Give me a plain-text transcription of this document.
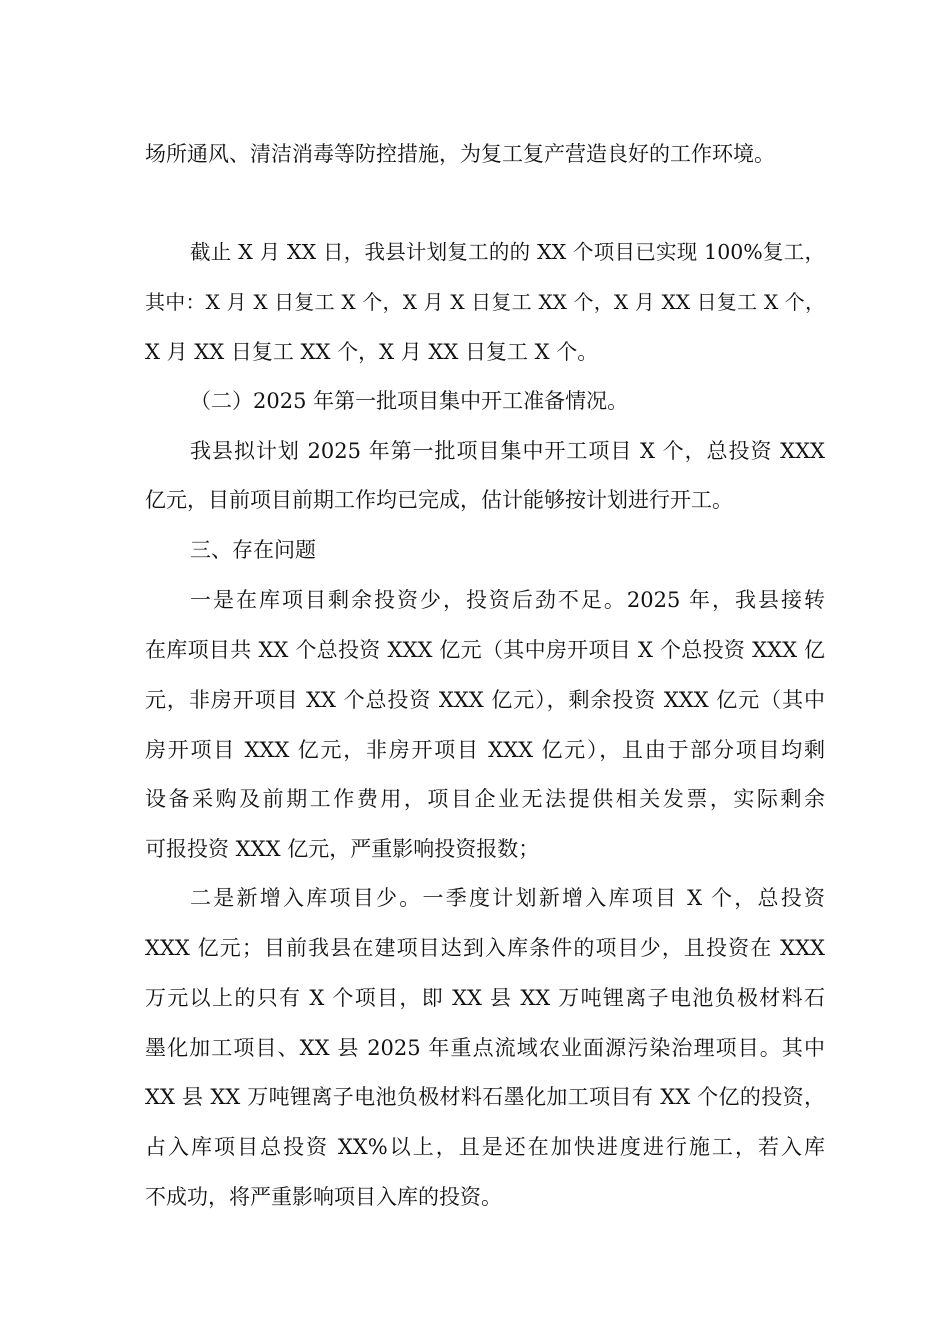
场所通风、清洁消毒等防控措施，为复工复产营造良好的工作环境。
截止 X 月 XX 日，我县计划复工的的 XX 个项目已实现 100%复工，
其中：X 月 X 日复工 X 个，X 月 X 日复工 XX 个，X 月 XX 日复工 X 个，
X 月 XX 日复工 XX 个，X 月 XX 日复工 X 个。
（二）2025 年第一批项目集中开工准备情况。
我县拟计划 2025 年第一批项目集中开工项目 X 个，总投资 XXX
亿元，目前项目前期工作均已完成，估计能够按计划进行开工。
三、存在问题
一是在库项目剩余投资少，投资后劲不足。2025 年，我县接转
在库项目共 XX 个总投资 XXX 亿元（其中房开项目 X 个总投资 XXX 亿
元，非房开项目 XX 个总投资 XXX 亿元），剩余投资 XXX 亿元（其中
房开项目 XXX 亿元，非房开项目 XXX 亿元），且由于部分项目均剩
设备采购及前期工作费用，项目企业无法提供相关发票，实际剩余
可报投资 XXX 亿元，严重影响投资报数；
二是新增入库项目少。一季度计划新增入库项目 X 个，总投资
XXX 亿元；目前我县在建项目达到入库条件的项目少，且投资在 XXX
万元以上的只有 X 个项目，即 XX 县 XX 万吨锂离子电池负极材料石
墨化加工项目、XX 县 2025 年重点流域农业面源污染治理项目。其中
XX 县 XX 万吨锂离子电池负极材料石墨化加工项目有 XX 个亿的投资，
占入库项目总投资 XX%以上，且是还在加快进度进行施工，若入库
不成功，将严重影响项目入库的投资。
